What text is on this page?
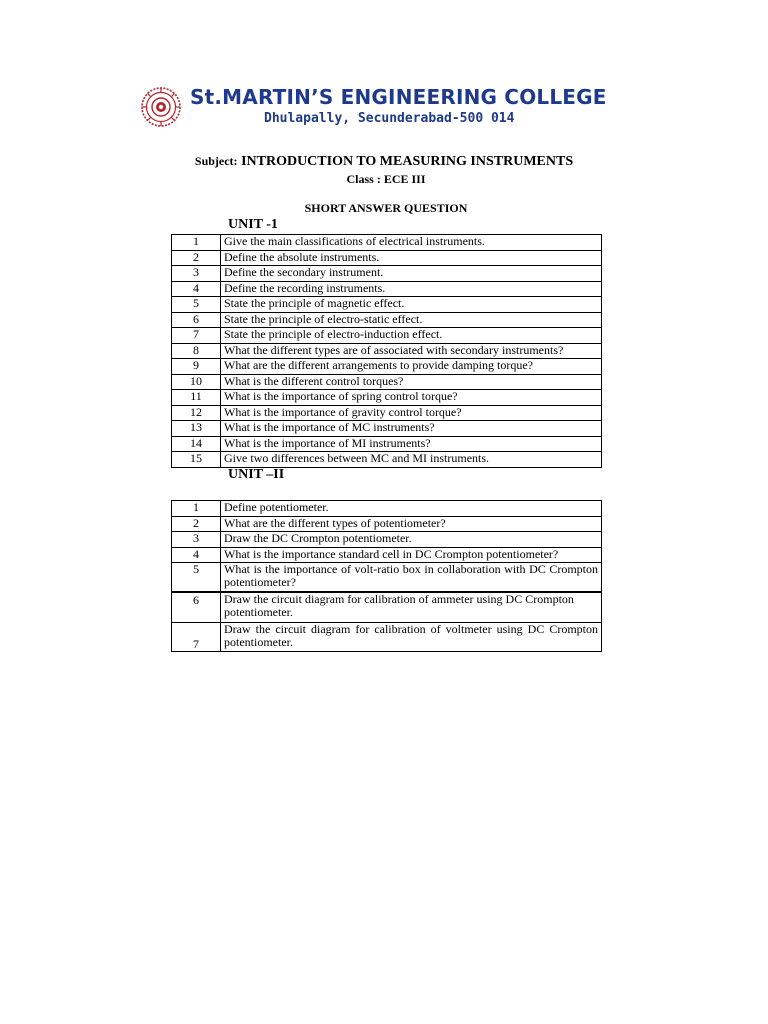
St.MARTIN’S ENGINEERING COLLEGE
Dhulapally, Secunderabad-500 014
Subject: INTRODUCTION TO MEASURING INSTRUMENTS
Class : ECE III
SHORT ANSWER QUESTION
UNIT -1
1	Give the main classifications of electrical instruments.
2	Define the absolute instruments.
3	Define the secondary instrument.
4	Define the recording instruments.
5	State the principle of magnetic effect.
6	State the principle of electro-static effect.
7	State the principle of electro-induction effect.
8	What the different types are of associated with secondary instruments?
9	What are the different arrangements to provide damping torque?
10	What is the different control torques?
11	What is the importance of spring control torque?
12	What is the importance of gravity control torque?
13	What is the importance of MC instruments?
14	What is the importance of MI instruments?
15	Give two differences between MC and MI instruments.
UNIT –II
1	Define potentiometer.
2	What are the different types of potentiometer?
3	Draw the DC Crompton potentiometer.
4	What is the importance standard cell in DC Crompton potentiometer?
5	What is the importance of volt-ratio box in collaboration with DC Crompton potentiometer?
6	Draw the circuit diagram for calibration of ammeter using DC Crompton potentiometer.
7	Draw the circuit diagram for calibration of voltmeter using DC Crompton potentiometer.
